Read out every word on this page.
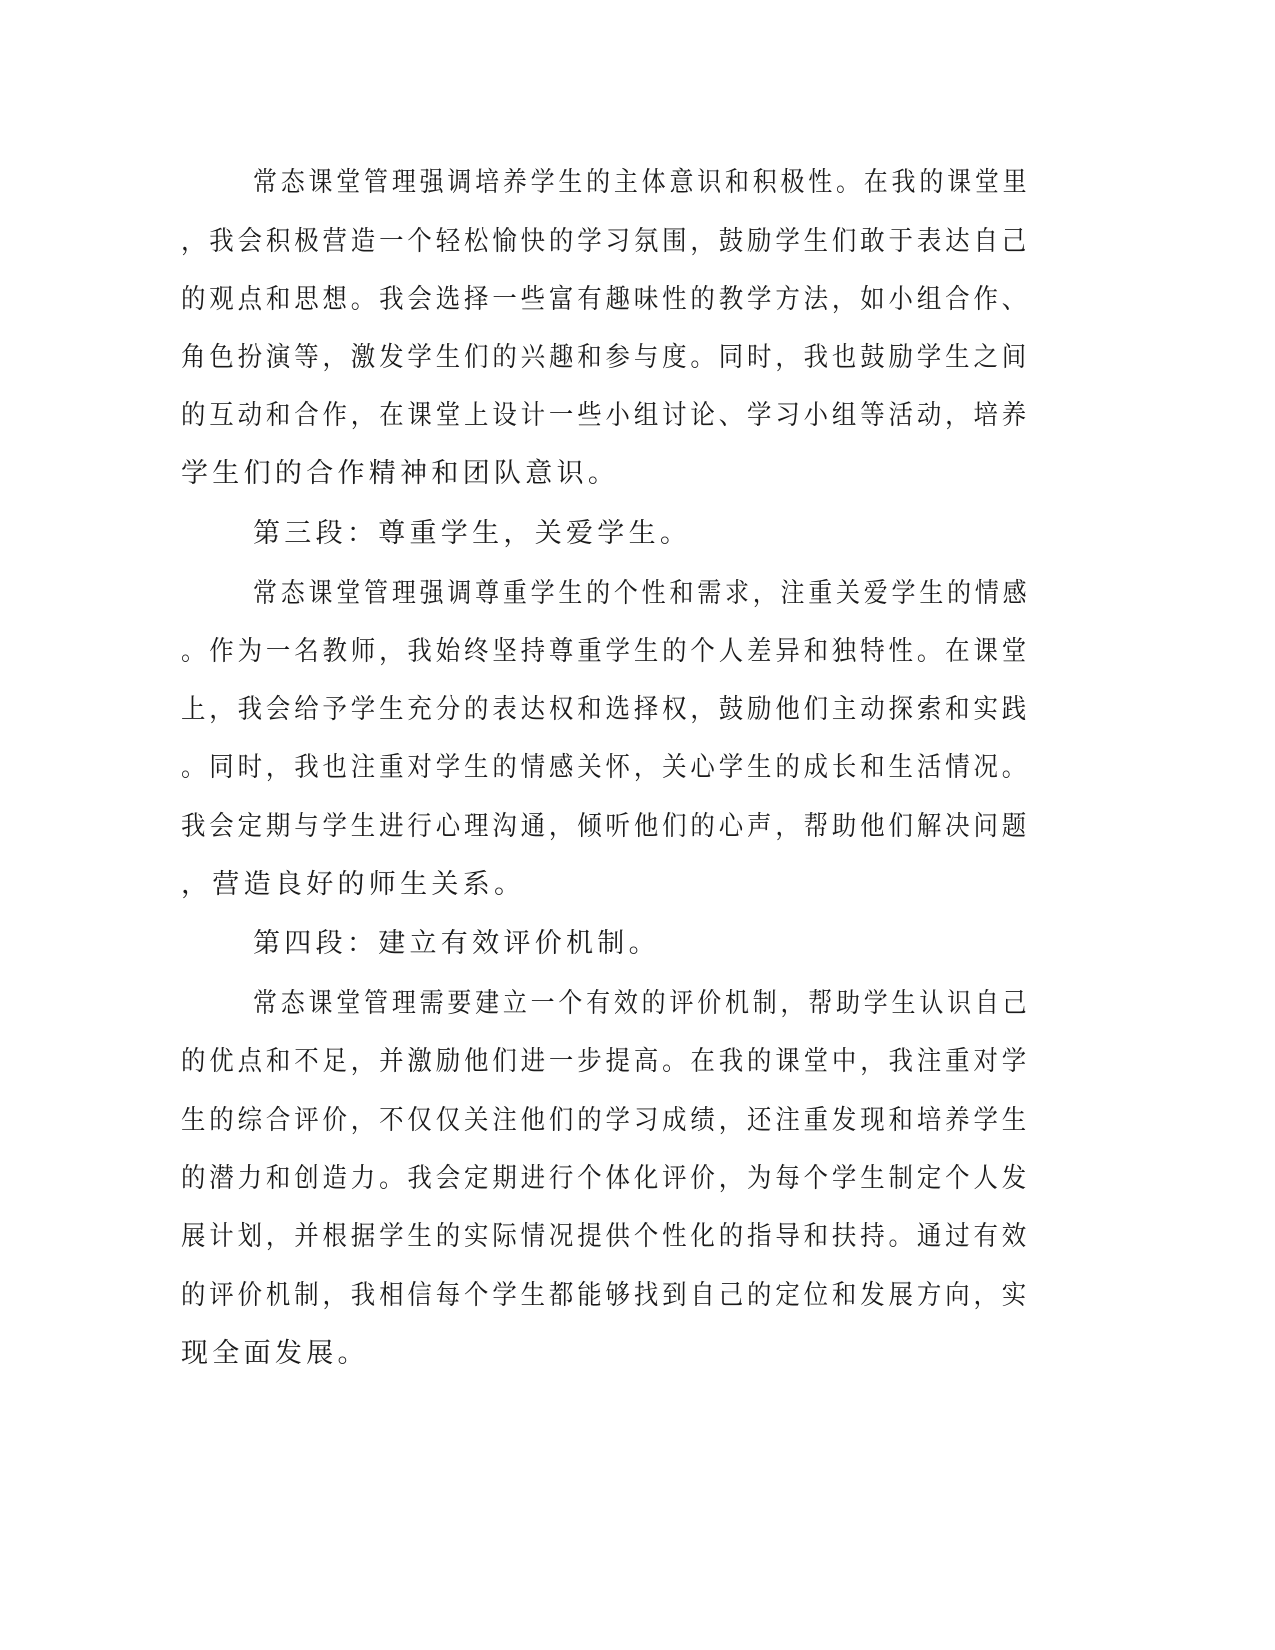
常态课堂管理强调培养学生的主体意识和积极性。在我的课堂里
，我会积极营造一个轻松愉快的学习氛围，鼓励学生们敢于表达自己
的观点和思想。我会选择一些富有趣味性的教学方法，如小组合作、
角色扮演等，激发学生们的兴趣和参与度。同时，我也鼓励学生之间
的互动和合作，在课堂上设计一些小组讨论、学习小组等活动，培养
学生们的合作精神和团队意识。
第三段：尊重学生，关爱学生。
常态课堂管理强调尊重学生的个性和需求，注重关爱学生的情感
。作为一名教师，我始终坚持尊重学生的个人差异和独特性。在课堂
上，我会给予学生充分的表达权和选择权，鼓励他们主动探索和实践
。同时，我也注重对学生的情感关怀，关心学生的成长和生活情况。
我会定期与学生进行心理沟通，倾听他们的心声，帮助他们解决问题
，营造良好的师生关系。
第四段：建立有效评价机制。
常态课堂管理需要建立一个有效的评价机制，帮助学生认识自己
的优点和不足，并激励他们进一步提高。在我的课堂中，我注重对学
生的综合评价，不仅仅关注他们的学习成绩，还注重发现和培养学生
的潜力和创造力。我会定期进行个体化评价，为每个学生制定个人发
展计划，并根据学生的实际情况提供个性化的指导和扶持。通过有效
的评价机制，我相信每个学生都能够找到自己的定位和发展方向，实
现全面发展。
